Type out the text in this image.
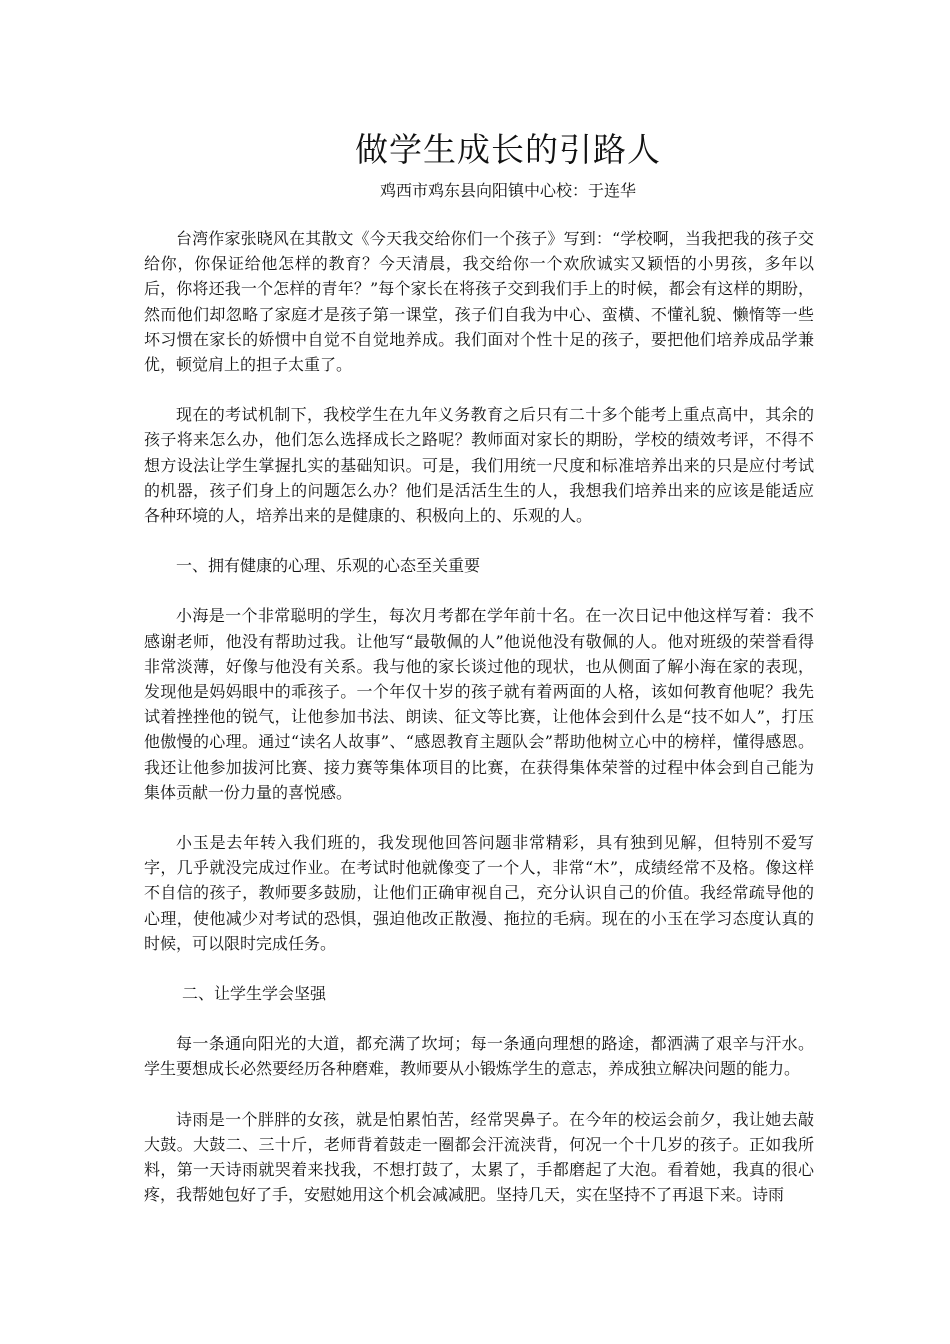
做学生成长的引路人
鸡西市鸡东县向阳镇中心校：于连华

台湾作家张晓风在其散文《今天我交给你们一个孩子》写到：“学校啊，当我把我的孩子交给你，你保证给他怎样的教育？今天清晨，我交给你一个欢欣诚实又颖悟的小男孩，多年以后，你将还我一个怎样的青年？”每个家长在将孩子交到我们手上的时候，都会有这样的期盼，然而他们却忽略了家庭才是孩子第一课堂，孩子们自我为中心、蛮横、不懂礼貌、懒惰等一些坏习惯在家长的娇惯中自觉不自觉地养成。我们面对个性十足的孩子，要把他们培养成品学兼优，顿觉肩上的担子太重了。

现在的考试机制下，我校学生在九年义务教育之后只有二十多个能考上重点高中，其余的孩子将来怎么办，他们怎么选择成长之路呢？教师面对家长的期盼，学校的绩效考评，不得不想方设法让学生掌握扎实的基础知识。可是，我们用统一尺度和标准培养出来的只是应付考试的机器，孩子们身上的问题怎么办？他们是活活生生的人，我想我们培养出来的应该是能适应各种环境的人，培养出来的是健康的、积极向上的、乐观的人。

一、拥有健康的心理、乐观的心态至关重要

小海是一个非常聪明的学生，每次月考都在学年前十名。在一次日记中他这样写着：我不感谢老师，他没有帮助过我。让他写“最敬佩的人”他说他没有敬佩的人。他对班级的荣誉看得非常淡薄，好像与他没有关系。我与他的家长谈过他的现状，也从侧面了解小海在家的表现，发现他是妈妈眼中的乖孩子。一个年仅十岁的孩子就有着两面的人格，该如何教育他呢？我先试着挫挫他的锐气，让他参加书法、朗读、征文等比赛，让他体会到什么是“技不如人”，打压他傲慢的心理。通过“读名人故事”、“感恩教育主题队会”帮助他树立心中的榜样，懂得感恩。我还让他参加拔河比赛、接力赛等集体项目的比赛，在获得集体荣誉的过程中体会到自己能为集体贡献一份力量的喜悦感。

小玉是去年转入我们班的，我发现他回答问题非常精彩，具有独到见解，但特别不爱写字，几乎就没完成过作业。在考试时他就像变了一个人，非常“木”，成绩经常不及格。像这样不自信的孩子，教师要多鼓励，让他们正确审视自己，充分认识自己的价值。我经常疏导他的心理，使他减少对考试的恐惧，强迫他改正散漫、拖拉的毛病。现在的小玉在学习态度认真的时候，可以限时完成任务。

二、让学生学会坚强

每一条通向阳光的大道，都充满了坎坷；每一条通向理想的路途，都洒满了艰辛与汗水。学生要想成长必然要经历各种磨难，教师要从小锻炼学生的意志，养成独立解决问题的能力。

诗雨是一个胖胖的女孩，就是怕累怕苦，经常哭鼻子。在今年的校运会前夕，我让她去敲大鼓。大鼓二、三十斤，老师背着鼓走一圈都会汗流浃背，何况一个十几岁的孩子。正如我所料，第一天诗雨就哭着来找我，不想打鼓了，太累了，手都磨起了大泡。看着她，我真的很心疼，我帮她包好了手，安慰她用这个机会减减肥。坚持几天，实在坚持不了再退下来。诗雨
